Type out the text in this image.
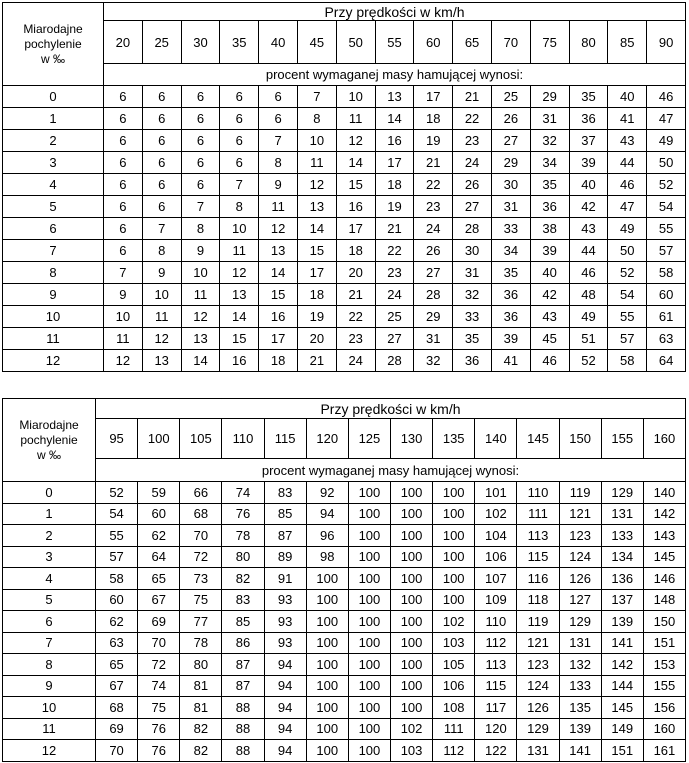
Miarodajne
pochylenie
w ‰	Przy prędkości w km/h														
	20	25	30	35	40	45	50	55	60	65	70	75	80	85	90
	procent wymaganej masy hamującej wynosi:														
0	6	6	6	6	6	7	10	13	17	21	25	29	35	40	46
1	6	6	6	6	6	8	11	14	18	22	26	31	36	41	47
2	6	6	6	6	7	10	12	16	19	23	27	32	37	43	49
3	6	6	6	6	8	11	14	17	21	24	29	34	39	44	50
4	6	6	6	7	9	12	15	18	22	26	30	35	40	46	52
5	6	6	7	8	11	13	16	19	23	27	31	36	42	47	54
6	6	7	8	10	12	14	17	21	24	28	33	38	43	49	55
7	6	8	9	11	13	15	18	22	26	30	34	39	44	50	57
8	7	9	10	12	14	17	20	23	27	31	35	40	46	52	58
9	9	10	11	13	15	18	21	24	28	32	36	42	48	54	60
10	10	11	12	14	16	19	22	25	29	33	36	43	49	55	61
11	11	12	13	15	17	20	23	27	31	35	39	45	51	57	63
12	12	13	14	16	18	21	24	28	32	36	41	46	52	58	64
Miarodajne
pochylenie
w ‰	Przy prędkości w km/h													
	95	100	105	110	115	120	125	130	135	140	145	150	155	160
	procent wymaganej masy hamującej wynosi:													
0	52	59	66	74	83	92	100	100	100	101	110	119	129	140
1	54	60	68	76	85	94	100	100	100	102	111	121	131	142
2	55	62	70	78	87	96	100	100	100	104	113	123	133	143
3	57	64	72	80	89	98	100	100	100	106	115	124	134	145
4	58	65	73	82	91	100	100	100	100	107	116	126	136	146
5	60	67	75	83	93	100	100	100	100	109	118	127	137	148
6	62	69	77	85	93	100	100	100	102	110	119	129	139	150
7	63	70	78	86	93	100	100	100	103	112	121	131	141	151
8	65	72	80	87	94	100	100	100	105	113	123	132	142	153
9	67	74	81	87	94	100	100	100	106	115	124	133	144	155
10	68	75	81	88	94	100	100	100	108	117	126	135	145	156
11	69	76	82	88	94	100	100	102	111	120	129	139	149	160
12	70	76	82	88	94	100	100	103	112	122	131	141	151	161
